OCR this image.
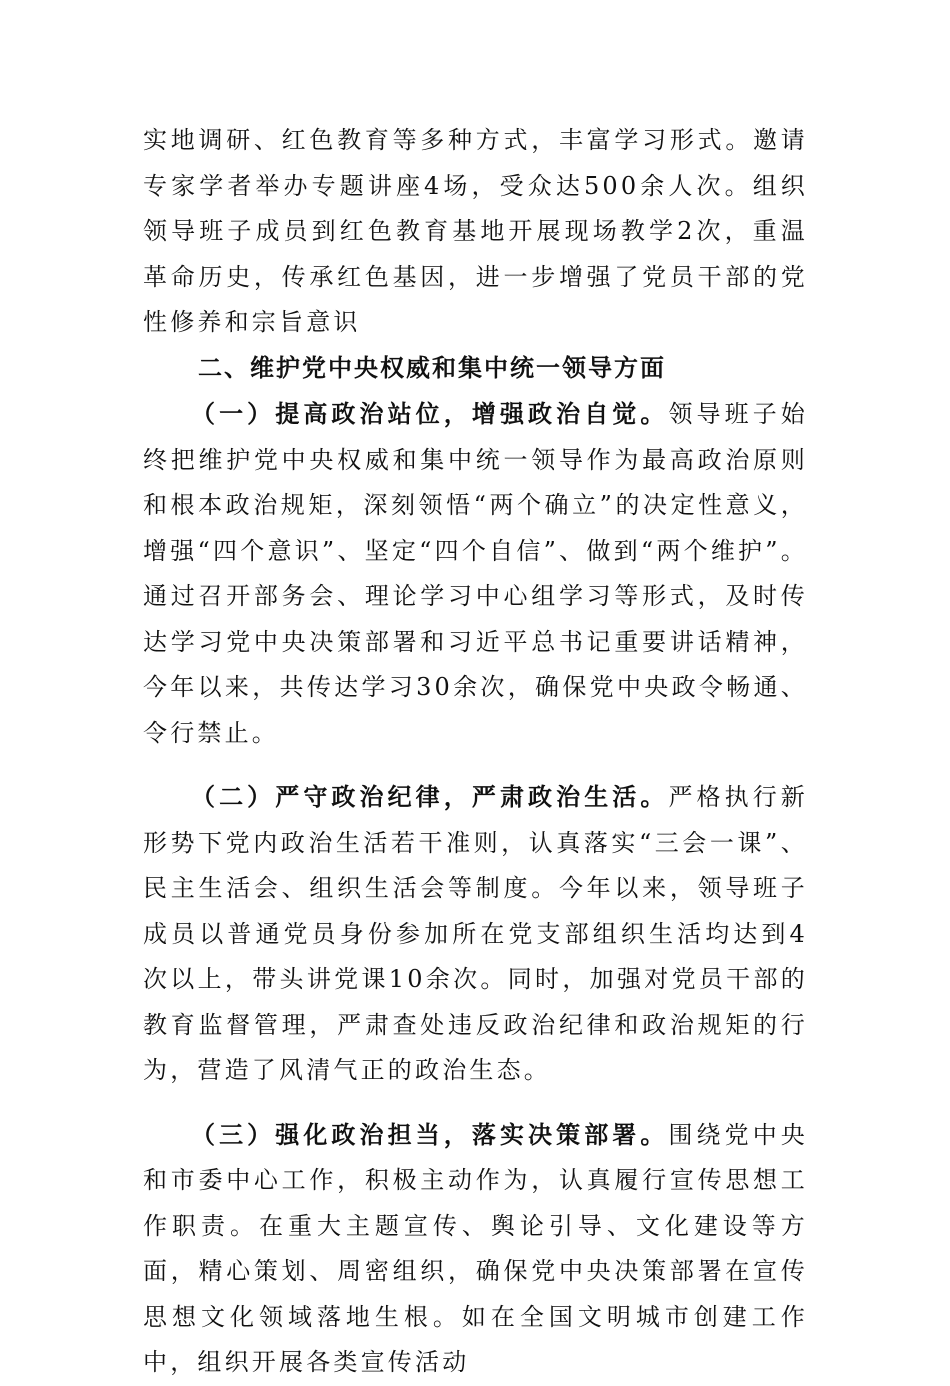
实地调研、红色教育等多种方式，丰富学习形式。邀请专家学者举办专题讲座4场，受众达500余人次。组织领导班子成员到红色教育基地开展现场教学2次，重温革命历史，传承红色基因，进一步增强了党员干部的党性修养和宗旨意识

二、维护党中央权威和集中统一领导方面

（一）提高政治站位，增强政治自觉。领导班子始终把维护党中央权威和集中统一领导作为最高政治原则和根本政治规矩，深刻领悟“两个确立”的决定性意义，增强“四个意识”、坚定“四个自信”、做到“两个维护”。通过召开部务会、理论学习中心组学习等形式，及时传达学习党中央决策部署和习近平总书记重要讲话精神，今年以来，共传达学习30余次，确保党中央政令畅通、令行禁止。

（二）严守政治纪律，严肃政治生活。严格执行新形势下党内政治生活若干准则，认真落实“三会一课”、民主生活会、组织生活会等制度。今年以来，领导班子成员以普通党员身份参加所在党支部组织生活均达到4次以上，带头讲党课10余次。同时，加强对党员干部的教育监督管理，严肃查处违反政治纪律和政治规矩的行为，营造了风清气正的政治生态。

（三）强化政治担当，落实决策部署。围绕党中央和市委中心工作，积极主动作为，认真履行宣传思想工作职责。在重大主题宣传、舆论引导、文化建设等方面，精心策划、周密组织，确保党中央决策部署在宣传思想文化领域落地生根。如在全国文明城市创建工作中，组织开展各类宣传活动
